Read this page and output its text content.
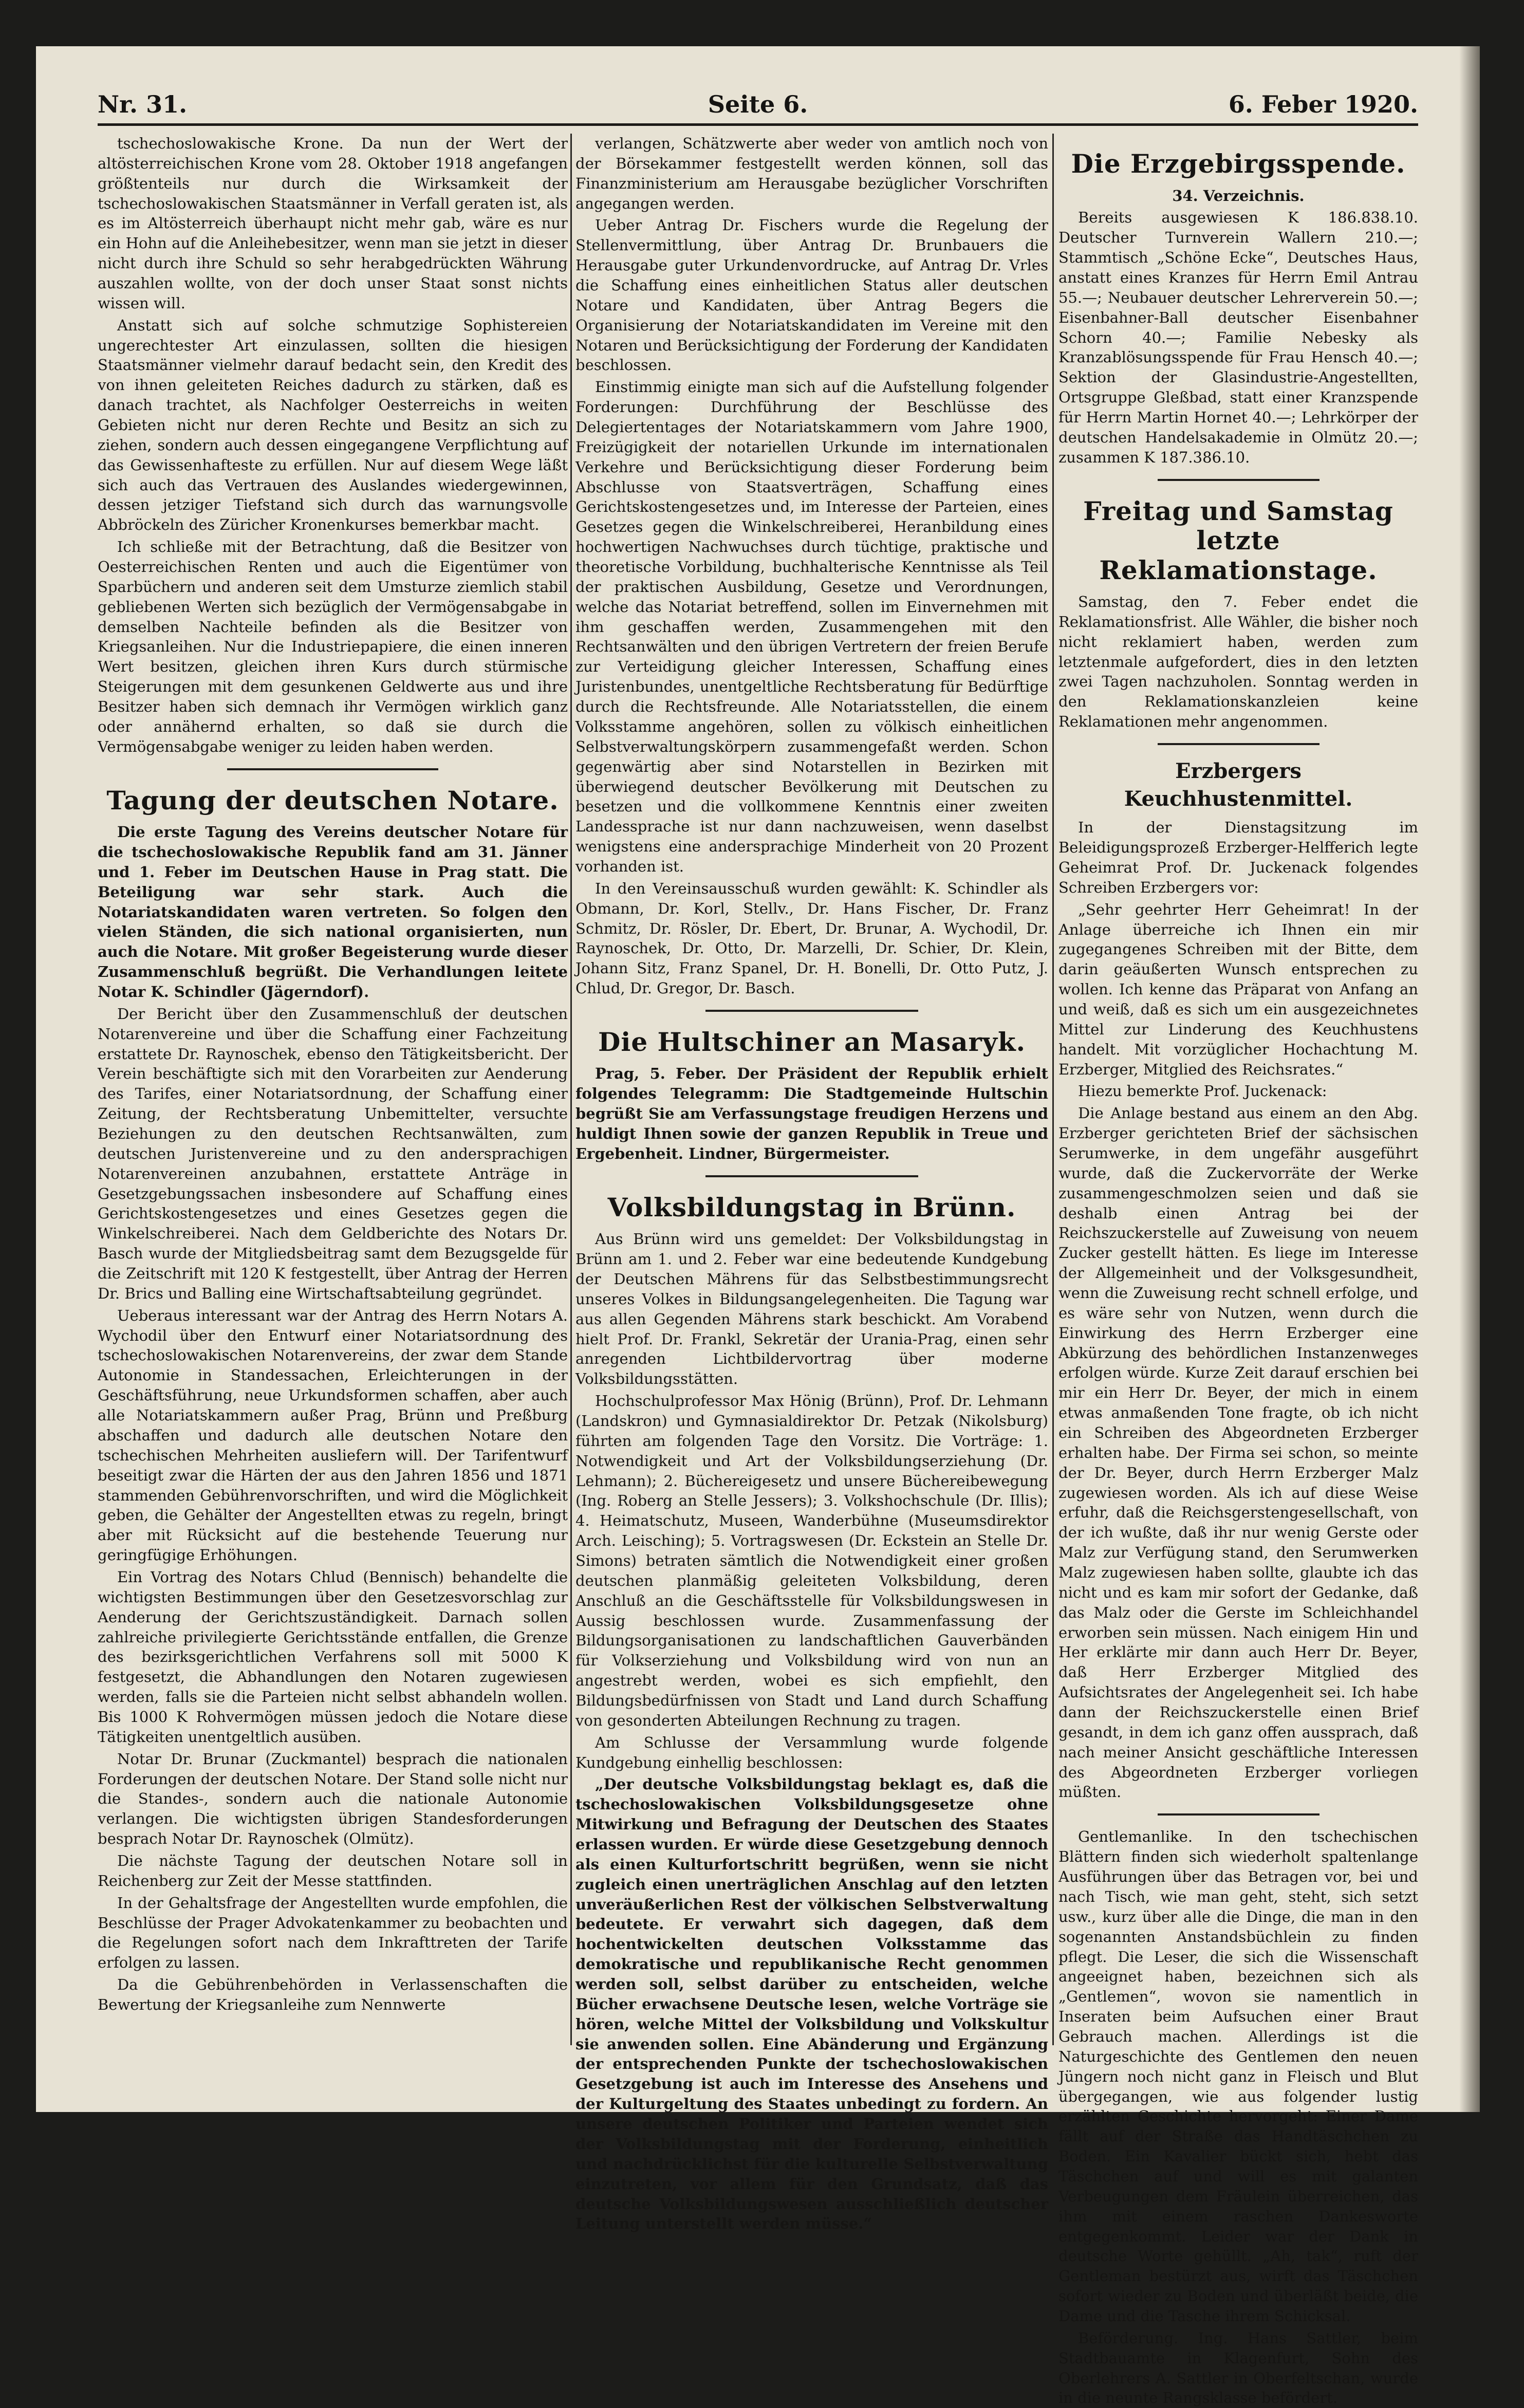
Nr. 31.	Seite 6.	6. Feber 1920.

tschechoslowakische Krone. Da nun der Wert der altösterreichischen Krone vom 28. Oktober 1918 angefangen größtenteils nur durch die Wirksamkeit der tschechoslowakischen Staatsmänner in Verfall geraten ist, als es im Altösterreich überhaupt nicht mehr gab, wäre es nur ein Hohn auf die Anleihebesitzer, wenn man sie jetzt in dieser nicht durch ihre Schuld so sehr herabgedrückten Währung auszahlen wollte, von der doch unser Staat sonst nichts wissen will.

Anstatt sich auf solche schmutzige Sophistereien ungerechtester Art einzulassen, sollten die hiesigen Staatsmänner vielmehr darauf bedacht sein, den Kredit des von ihnen geleiteten Reiches dadurch zu stärken, daß es danach trachtet, als Nachfolger Oesterreichs in weiten Gebieten nicht nur deren Rechte und Besitz an sich zu ziehen, sondern auch dessen eingegangene Verpflichtung auf das Gewissenhafteste zu erfüllen. Nur auf diesem Wege läßt sich auch das Vertrauen des Auslandes wiedergewinnen, dessen jetziger Tiefstand sich durch das warnungsvolle Abbröckeln des Züricher Kronenkurses bemerkbar macht.

Ich schließe mit der Betrachtung, daß die Besitzer von Oesterreichischen Renten und auch die Eigentümer von Sparbüchern und anderen seit dem Umsturze ziemlich stabil gebliebenen Werten sich bezüglich der Vermögensabgabe in demselben Nachteile befinden als die Besitzer von Kriegsanleihen. Nur die Industriepapiere, die einen inneren Wert besitzen, gleichen ihren Kurs durch stürmische Steigerungen mit dem gesunkenen Geldwerte aus und ihre Besitzer haben sich demnach ihr Vermögen wirklich ganz oder annähernd erhalten, so daß sie durch die Vermögensabgabe weniger zu leiden haben werden.

Tagung der deutschen Notare.

Die erste Tagung des Vereins deutscher Notare für die tschechoslowakische Republik fand am 31. Jänner und 1. Feber im Deutschen Hause in Prag statt. Die Beteiligung war sehr stark. Auch die Notariatskandidaten waren vertreten. So folgen den vielen Ständen, die sich national organisierten, nun auch die Notare. Mit großer Begeisterung wurde dieser Zusammenschluß begrüßt. Die Verhandlungen leitete Notar K. Schindler (Jägerndorf).

Der Bericht über den Zusammenschluß der deutschen Notarenvereine und über die Schaffung einer Fachzeitung erstattete Dr. Raynoschek, ebenso den Tätigkeitsbericht. Der Verein beschäftigte sich mit den Vorarbeiten zur Aenderung des Tarifes, einer Notariatsordnung, der Schaffung einer Zeitung, der Rechtsberatung Unbemittelter, versuchte Beziehungen zu den deutschen Rechtsanwälten, zum deutschen Juristenvereine und zu den andersprachigen Notarenvereinen anzubahnen, erstattete Anträge in Gesetzgebungssachen insbesondere auf Schaffung eines Gerichtskostengesetzes und eines Gesetzes gegen die Winkelschreiberei. Nach dem Geldberichte des Notars Dr. Basch wurde der Mitgliedsbeitrag samt dem Bezugsgelde für die Zeitschrift mit 120 K festgestellt, über Antrag der Herren Dr. Brics und Balling eine Wirtschaftsabteilung gegründet.

Ueberaus interessant war der Antrag des Herrn Notars A. Wychodil über den Entwurf einer Notariatsordnung des tschechoslowakischen Notarenvereins, der zwar dem Stande Autonomie in Standessachen, Erleichterungen in der Geschäftsführung, neue Urkundsformen schaffen, aber auch alle Notariatskammern außer Prag, Brünn und Preßburg abschaffen und dadurch alle deutschen Notare den tschechischen Mehrheiten ausliefern will. Der Tarifentwurf beseitigt zwar die Härten der aus den Jahren 1856 und 1871 stammenden Gebührenvorschriften, und wird die Möglichkeit geben, die Gehälter der Angestellten etwas zu regeln, bringt aber mit Rücksicht auf die bestehende Teuerung nur geringfügige Erhöhungen.

Ein Vortrag des Notars Chlud (Bennisch) behandelte die wichtigsten Bestimmungen über den Gesetzesvorschlag zur Aenderung der Gerichtszuständigkeit. Darnach sollen zahlreiche privilegierte Gerichtsstände entfallen, die Grenze des bezirksgerichtlichen Verfahrens soll mit 5000 K festgesetzt, die Abhandlungen den Notaren zugewiesen werden, falls sie die Parteien nicht selbst abhandeln wollen. Bis 1000 K Rohvermögen müssen jedoch die Notare diese Tätigkeiten unentgeltlich ausüben.

Notar Dr. Brunar (Zuckmantel) besprach die nationalen Forderungen der deutschen Notare. Der Stand solle nicht nur die Standes-, sondern auch die nationale Autonomie verlangen. Die wichtigsten übrigen Standesforderungen besprach Notar Dr. Raynoschek (Olmütz).

Die nächste Tagung der deutschen Notare soll in Reichenberg zur Zeit der Messe stattfinden.

In der Gehaltsfrage der Angestellten wurde empfohlen, die Beschlüsse der Prager Advokatenkammer zu beobachten und die Regelungen sofort nach dem Inkrafttreten der Tarife erfolgen zu lassen.

Da die Gebührenbehörden in Verlassenschaften die Bewertung der Kriegsanleihe zum Nennwerte

verlangen, Schätzwerte aber weder von amtlich noch von der Börsekammer festgestellt werden können, soll das Finanzministerium am Herausgabe bezüglicher Vorschriften angegangen werden.

Ueber Antrag Dr. Fischers wurde die Regelung der Stellenvermittlung, über Antrag Dr. Brunbauers die Herausgabe guter Urkundenvordrucke, auf Antrag Dr. Vrles die Schaffung eines einheitlichen Status aller deutschen Notare und Kandidaten, über Antrag Begers die Organisierung der Notariatskandidaten im Vereine mit den Notaren und Berücksichtigung der Forderung der Kandidaten beschlossen.

Einstimmig einigte man sich auf die Aufstellung folgender Forderungen: Durchführung der Beschlüsse des Delegiertentages der Notariatskammern vom Jahre 1900, Freizügigkeit der notariellen Urkunde im internationalen Verkehre und Berücksichtigung dieser Forderung beim Abschlusse von Staatsverträgen, Schaffung eines Gerichtskostengesetzes und, im Interesse der Parteien, eines Gesetzes gegen die Winkelschreiberei, Heranbildung eines hochwertigen Nachwuchses durch tüchtige, praktische und theoretische Vorbildung, buchhalterische Kenntnisse als Teil der praktischen Ausbildung, Gesetze und Verordnungen, welche das Notariat betreffend, sollen im Einvernehmen mit ihm geschaffen werden, Zusammengehen mit den Rechtsanwälten und den übrigen Vertretern der freien Berufe zur Verteidigung gleicher Interessen, Schaffung eines Juristenbundes, unentgeltliche Rechtsberatung für Bedürftige durch die Rechtsfreunde. Alle Notariatsstellen, die einem Volksstamme angehören, sollen zu völkisch einheitlichen Selbstverwaltungskörpern zusammengefaßt werden. Schon gegenwärtig aber sind Notarstellen in Bezirken mit überwiegend deutscher Bevölkerung mit Deutschen zu besetzen und die vollkommene Kenntnis einer zweiten Landessprache ist nur dann nachzuweisen, wenn daselbst wenigstens eine andersprachige Minderheit von 20 Prozent vorhanden ist.

In den Vereinsausschuß wurden gewählt: K. Schindler als Obmann, Dr. Korl, Stellv., Dr. Hans Fischer, Dr. Franz Schmitz, Dr. Rösler, Dr. Ebert, Dr. Brunar, A. Wychodil, Dr. Raynoschek, Dr. Otto, Dr. Marzelli, Dr. Schier, Dr. Klein, Johann Sitz, Franz Spanel, Dr. H. Bonelli, Dr. Otto Putz, J. Chlud, Dr. Gregor, Dr. Basch.

Die Hultschiner an Masaryk.

Prag, 5. Feber. Der Präsident der Republik erhielt folgendes Telegramm: Die Stadtgemeinde Hultschin begrüßt Sie am Verfassungstage freudigen Herzens und huldigt Ihnen sowie der ganzen Republik in Treue und Ergebenheit. Lindner, Bürgermeister.

Volksbildungstag in Brünn.

Aus Brünn wird uns gemeldet: Der Volksbildungstag in Brünn am 1. und 2. Feber war eine bedeutende Kundgebung der Deutschen Mährens für das Selbstbestimmungsrecht unseres Volkes in Bildungsangelegenheiten. Die Tagung war aus allen Gegenden Mährens stark beschickt. Am Vorabend hielt Prof. Dr. Frankl, Sekretär der Urania-Prag, einen sehr anregenden Lichtbildervortrag über moderne Volksbildungsstätten.

Hochschulprofessor Max Hönig (Brünn), Prof. Dr. Lehmann (Landskron) und Gymnasialdirektor Dr. Petzak (Nikolsburg) führten am folgenden Tage den Vorsitz. Die Vorträge: 1. Notwendigkeit und Art der Volksbildungserziehung (Dr. Lehmann); 2. Büchereigesetz und unsere Büchereibewegung (Ing. Roberg an Stelle Jessers); 3. Volkshochschule (Dr. Illis); 4. Heimatschutz, Museen, Wanderbühne (Museumsdirektor Arch. Leisching); 5. Vortragswesen (Dr. Eckstein an Stelle Dr. Simons) betraten sämtlich die Notwendigkeit einer großen deutschen planmäßig geleiteten Volksbildung, deren Anschluß an die Geschäftsstelle für Volksbildungswesen in Aussig beschlossen wurde. Zusammenfassung der Bildungsorganisationen zu landschaftlichen Gauverbänden für Volkserziehung und Volksbildung wird von nun an angestrebt werden, wobei es sich empfiehlt, den Bildungsbedürfnissen von Stadt und Land durch Schaffung von gesonderten Abteilungen Rechnung zu tragen.

Am Schlusse der Versammlung wurde folgende Kundgebung einhellig beschlossen:

„Der deutsche Volksbildungstag beklagt es, daß die tschechoslowakischen Volksbildungsgesetze ohne Mitwirkung und Befragung der Deutschen des Staates erlassen wurden. Er würde diese Gesetzgebung dennoch als einen Kulturfortschritt begrüßen, wenn sie nicht zugleich einen unerträglichen Anschlag auf den letzten unveräußerlichen Rest der völkischen Selbstverwaltung bedeutete. Er verwahrt sich dagegen, daß dem hochentwickelten deutschen Volksstamme das demokratische und republikanische Recht genommen werden soll, selbst darüber zu entscheiden, welche Bücher erwachsene Deutsche lesen, welche Vorträge sie hören, welche Mittel der Volksbildung und Volkskultur sie anwenden sollen. Eine Abänderung und Ergänzung der entsprechenden Punkte der tschechoslowakischen Gesetzgebung ist auch im Interesse des Ansehens und der Kulturgeltung des Staates unbedingt zu fordern. An unsere deutschen Politiker und Parteien wendet sich der Volksbildungstag mit der Forderung, einheitlich und nachdrücklichst für die kulturelle Selbstverwaltung einzutreten, vor allem für den Grundsatz, daß das deutsche Volksbildungswesen ausschließlich deutscher Leitung unterstellt werden müsse.“

Die Erzgebirgsspende.

34. Verzeichnis.

Bereits ausgewiesen K 186.838.10. Deutscher Turnverein Wallern 210.—; Stammtisch „Schöne Ecke“, Deutsches Haus, anstatt eines Kranzes für Herrn Emil Antrau 55.—; Neubauer deutscher Lehrerverein 50.—; Eisenbahner-Ball deutscher Eisenbahner Schorn 40.—; Familie Nebesky als Kranzablösungsspende für Frau Hensch 40.—; Sektion der Glasindustrie-Angestellten, Ortsgruppe Gleßbad, statt einer Kranzspende für Herrn Martin Hornet 40.—; Lehrkörper der deutschen Handelsakademie in Olmütz 20.—; zusammen K 187.386.10.

Freitag und Samstag letzte Reklamationstage.

Samstag, den 7. Feber endet die Reklamationsfrist. Alle Wähler, die bisher noch nicht reklamiert haben, werden zum letztenmale aufgefordert, dies in den letzten zwei Tagen nachzuholen. Sonntag werden in den Reklamationskanzleien keine Reklamationen mehr angenommen.

Erzbergers Keuchhustenmittel.

In der Dienstagsitzung im Beleidigungsprozeß Erzberger-Helfferich legte Geheimrat Prof. Dr. Juckenack folgendes Schreiben Erzbergers vor:

„Sehr geehrter Herr Geheimrat! In der Anlage überreiche ich Ihnen ein mir zugegangenes Schreiben mit der Bitte, dem darin geäußerten Wunsch entsprechen zu wollen. Ich kenne das Präparat von Anfang an und weiß, daß es sich um ein ausgezeichnetes Mittel zur Linderung des Keuchhustens handelt. Mit vorzüglicher Hochachtung M. Erzberger, Mitglied des Reichsrates.“

Hiezu bemerkte Prof. Juckenack:

Die Anlage bestand aus einem an den Abg. Erzberger gerichteten Brief der sächsischen Serumwerke, in dem ungefähr ausgeführt wurde, daß die Zuckervorräte der Werke zusammengeschmolzen seien und daß sie deshalb einen Antrag bei der Reichszuckerstelle auf Zuweisung von neuem Zucker gestellt hätten. Es liege im Interesse der Allgemeinheit und der Volksgesundheit, wenn die Zuweisung recht schnell erfolge, und es wäre sehr von Nutzen, wenn durch die Einwirkung des Herrn Erzberger eine Abkürzung des behördlichen Instanzenweges erfolgen würde. Kurze Zeit darauf erschien bei mir ein Herr Dr. Beyer, der mich in einem etwas anmaßenden Tone fragte, ob ich nicht ein Schreiben des Abgeordneten Erzberger erhalten habe. Der Firma sei schon, so meinte der Dr. Beyer, durch Herrn Erzberger Malz zugewiesen worden. Als ich auf diese Weise erfuhr, daß die Reichsgerstengesellschaft, von der ich wußte, daß ihr nur wenig Gerste oder Malz zur Verfügung stand, den Serumwerken Malz zugewiesen haben sollte, glaubte ich das nicht und es kam mir sofort der Gedanke, daß das Malz oder die Gerste im Schleichhandel erworben sein müssen. Nach einigem Hin und Her erklärte mir dann auch Herr Dr. Beyer, daß Herr Erzberger Mitglied des Aufsichtsrates der Angelegenheit sei. Ich habe dann der Reichszuckerstelle einen Brief gesandt, in dem ich ganz offen aussprach, daß nach meiner Ansicht geschäftliche Interessen des Abgeordneten Erzberger vorliegen müßten.

Gentlemanlike. In den tschechischen Blättern finden sich wiederholt spaltenlange Ausführungen über das Betragen vor, bei und nach Tisch, wie man geht, steht, sich setzt usw., kurz über alle die Dinge, die man in den sogenannten Anstandsbüchlein zu finden pflegt. Die Leser, die sich die Wissenschaft angeeignet haben, bezeichnen sich als „Gentlemen“, wovon sie namentlich in Inseraten beim Aufsuchen einer Braut Gebrauch machen. Allerdings ist die Naturgeschichte des Gentlemen den neuen Jüngern noch nicht ganz in Fleisch und Blut übergegangen, wie aus folgender lustig erzählten Geschichte hervorgeht: Einer Dame fällt auf der Straße das Handtäschchen zu Boden. Ein Kavalier bückt sich, hebt das Täschchen auf und will es mit galanten Verbeugungen dem Fräulein überreichen, das ihm mit einem raschen Dankesworte entgegenkommt. Leider war der Dank in deutsche Worte gehüllt. „Ah, tak“, ruft der Gentleman bestürzt aus, wirft das Täschchen sofort wieder zu Boden und überläßt beide, die Dame und die Tasche ihrem Schicksal.

Beförderung. Ing. Hans Sattler, beim Stadtbauamte in Klagenfurt, Sohn des Oberlehrers A. Sattler in Oberfeltschan, wurde in die neunte Rangsklasse befördert.
